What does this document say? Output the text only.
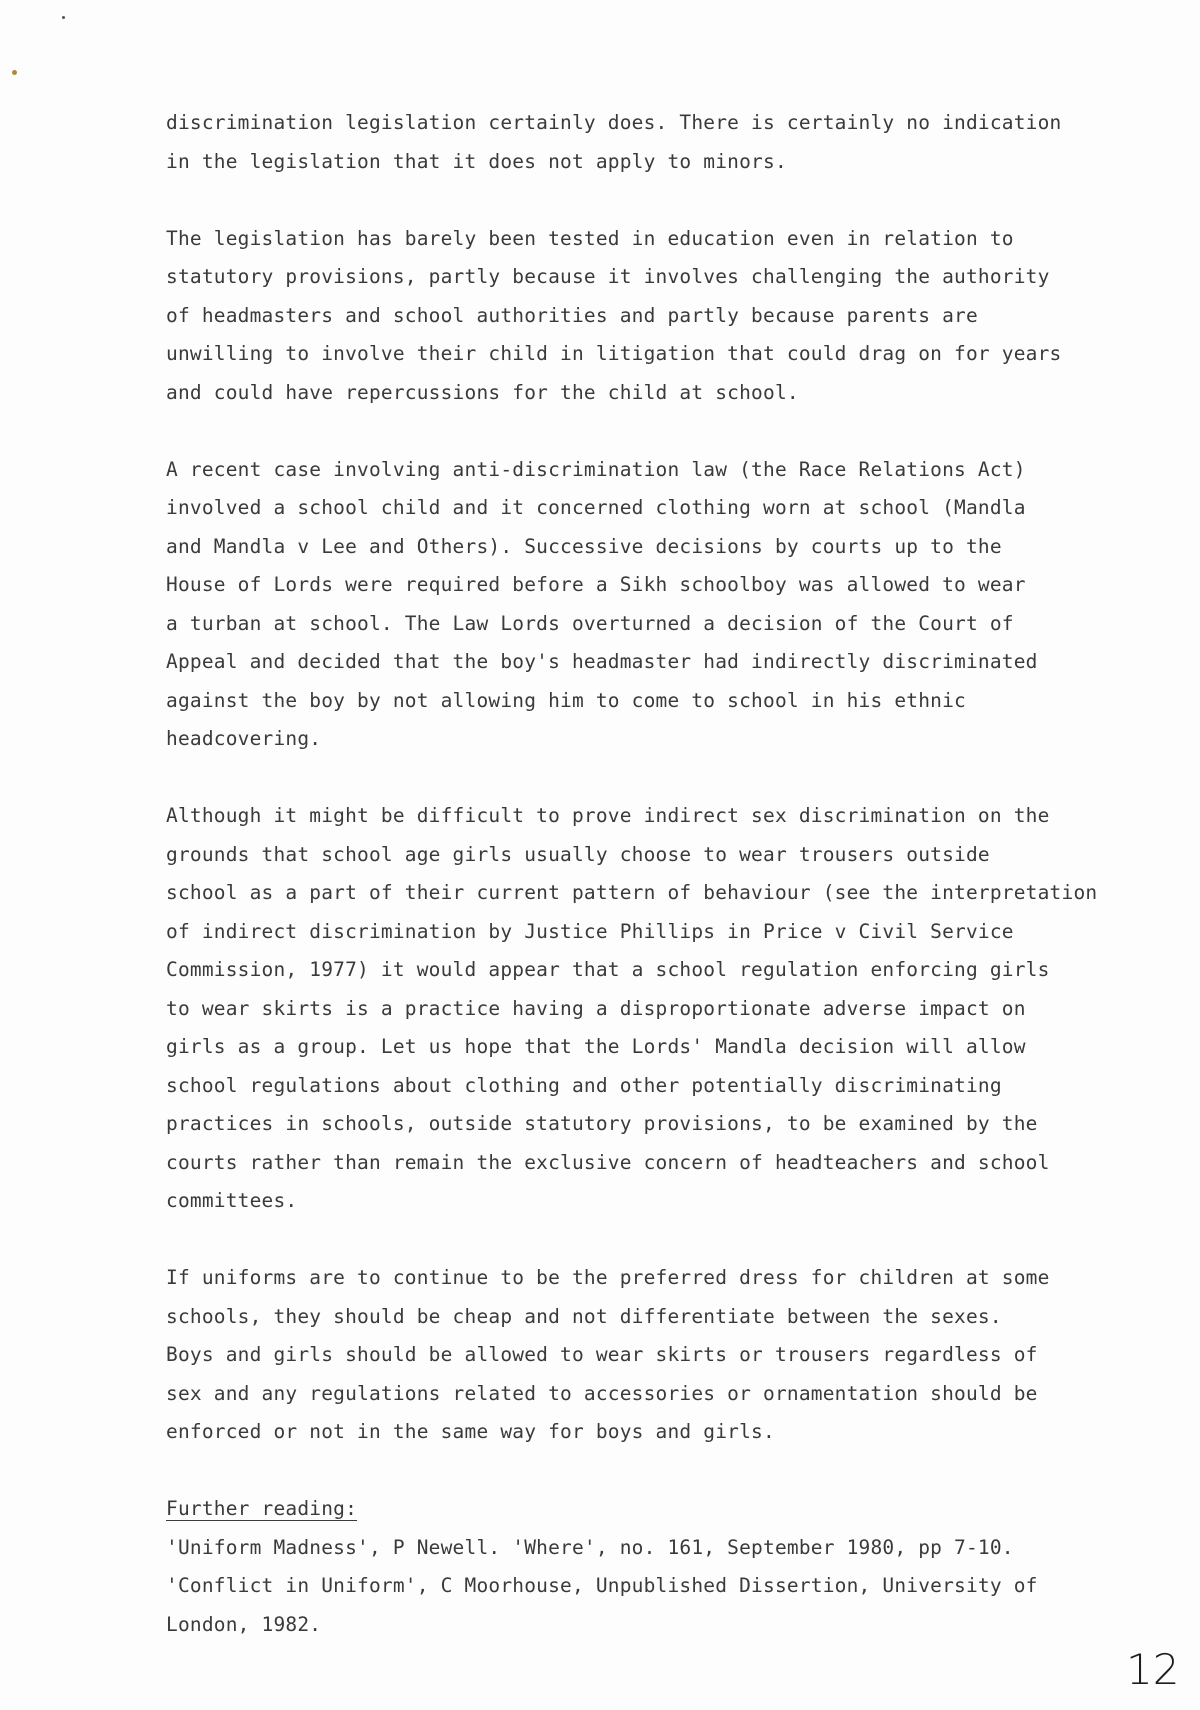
discrimination legislation certainly does. There is certainly no indication
in the legislation that it does not apply to minors.
The legislation has barely been tested in education even in relation to
statutory provisions, partly because it involves challenging the authority
of headmasters and school authorities and partly because parents are
unwilling to involve their child in litigation that could drag on for years
and could have repercussions for the child at school.
A recent case involving anti-discrimination law (the Race Relations Act)
involved a school child and it concerned clothing worn at school (Mandla
and Mandla v Lee and Others). Successive decisions by courts up to the
House of Lords were required before a Sikh schoolboy was allowed to wear
a turban at school. The Law Lords overturned a decision of the Court of
Appeal and decided that the boy's headmaster had indirectly discriminated
against the boy by not allowing him to come to school in his ethnic
headcovering.
Although it might be difficult to prove indirect sex discrimination on the
grounds that school age girls usually choose to wear trousers outside
school as a part of their current pattern of behaviour (see the interpretation
of indirect discrimination by Justice Phillips in Price v Civil Service
Commission, 1977) it would appear that a school regulation enforcing girls
to wear skirts is a practice having a disproportionate adverse impact on
girls as a group. Let us hope that the Lords' Mandla decision will allow
school regulations about clothing and other potentially discriminating
practices in schools, outside statutory provisions, to be examined by the
courts rather than remain the exclusive concern of headteachers and school
committees.
If uniforms are to continue to be the preferred dress for children at some
schools, they should be cheap and not differentiate between the sexes.
Boys and girls should be allowed to wear skirts or trousers regardless of
sex and any regulations related to accessories or ornamentation should be
enforced or not in the same way for boys and girls.
Further reading:
'Uniform Madness', P Newell. 'Where', no. 161, September 1980, pp 7-10.
'Conflict in Uniform', C Moorhouse, Unpublished Dissertion, University of
London, 1982.
12
